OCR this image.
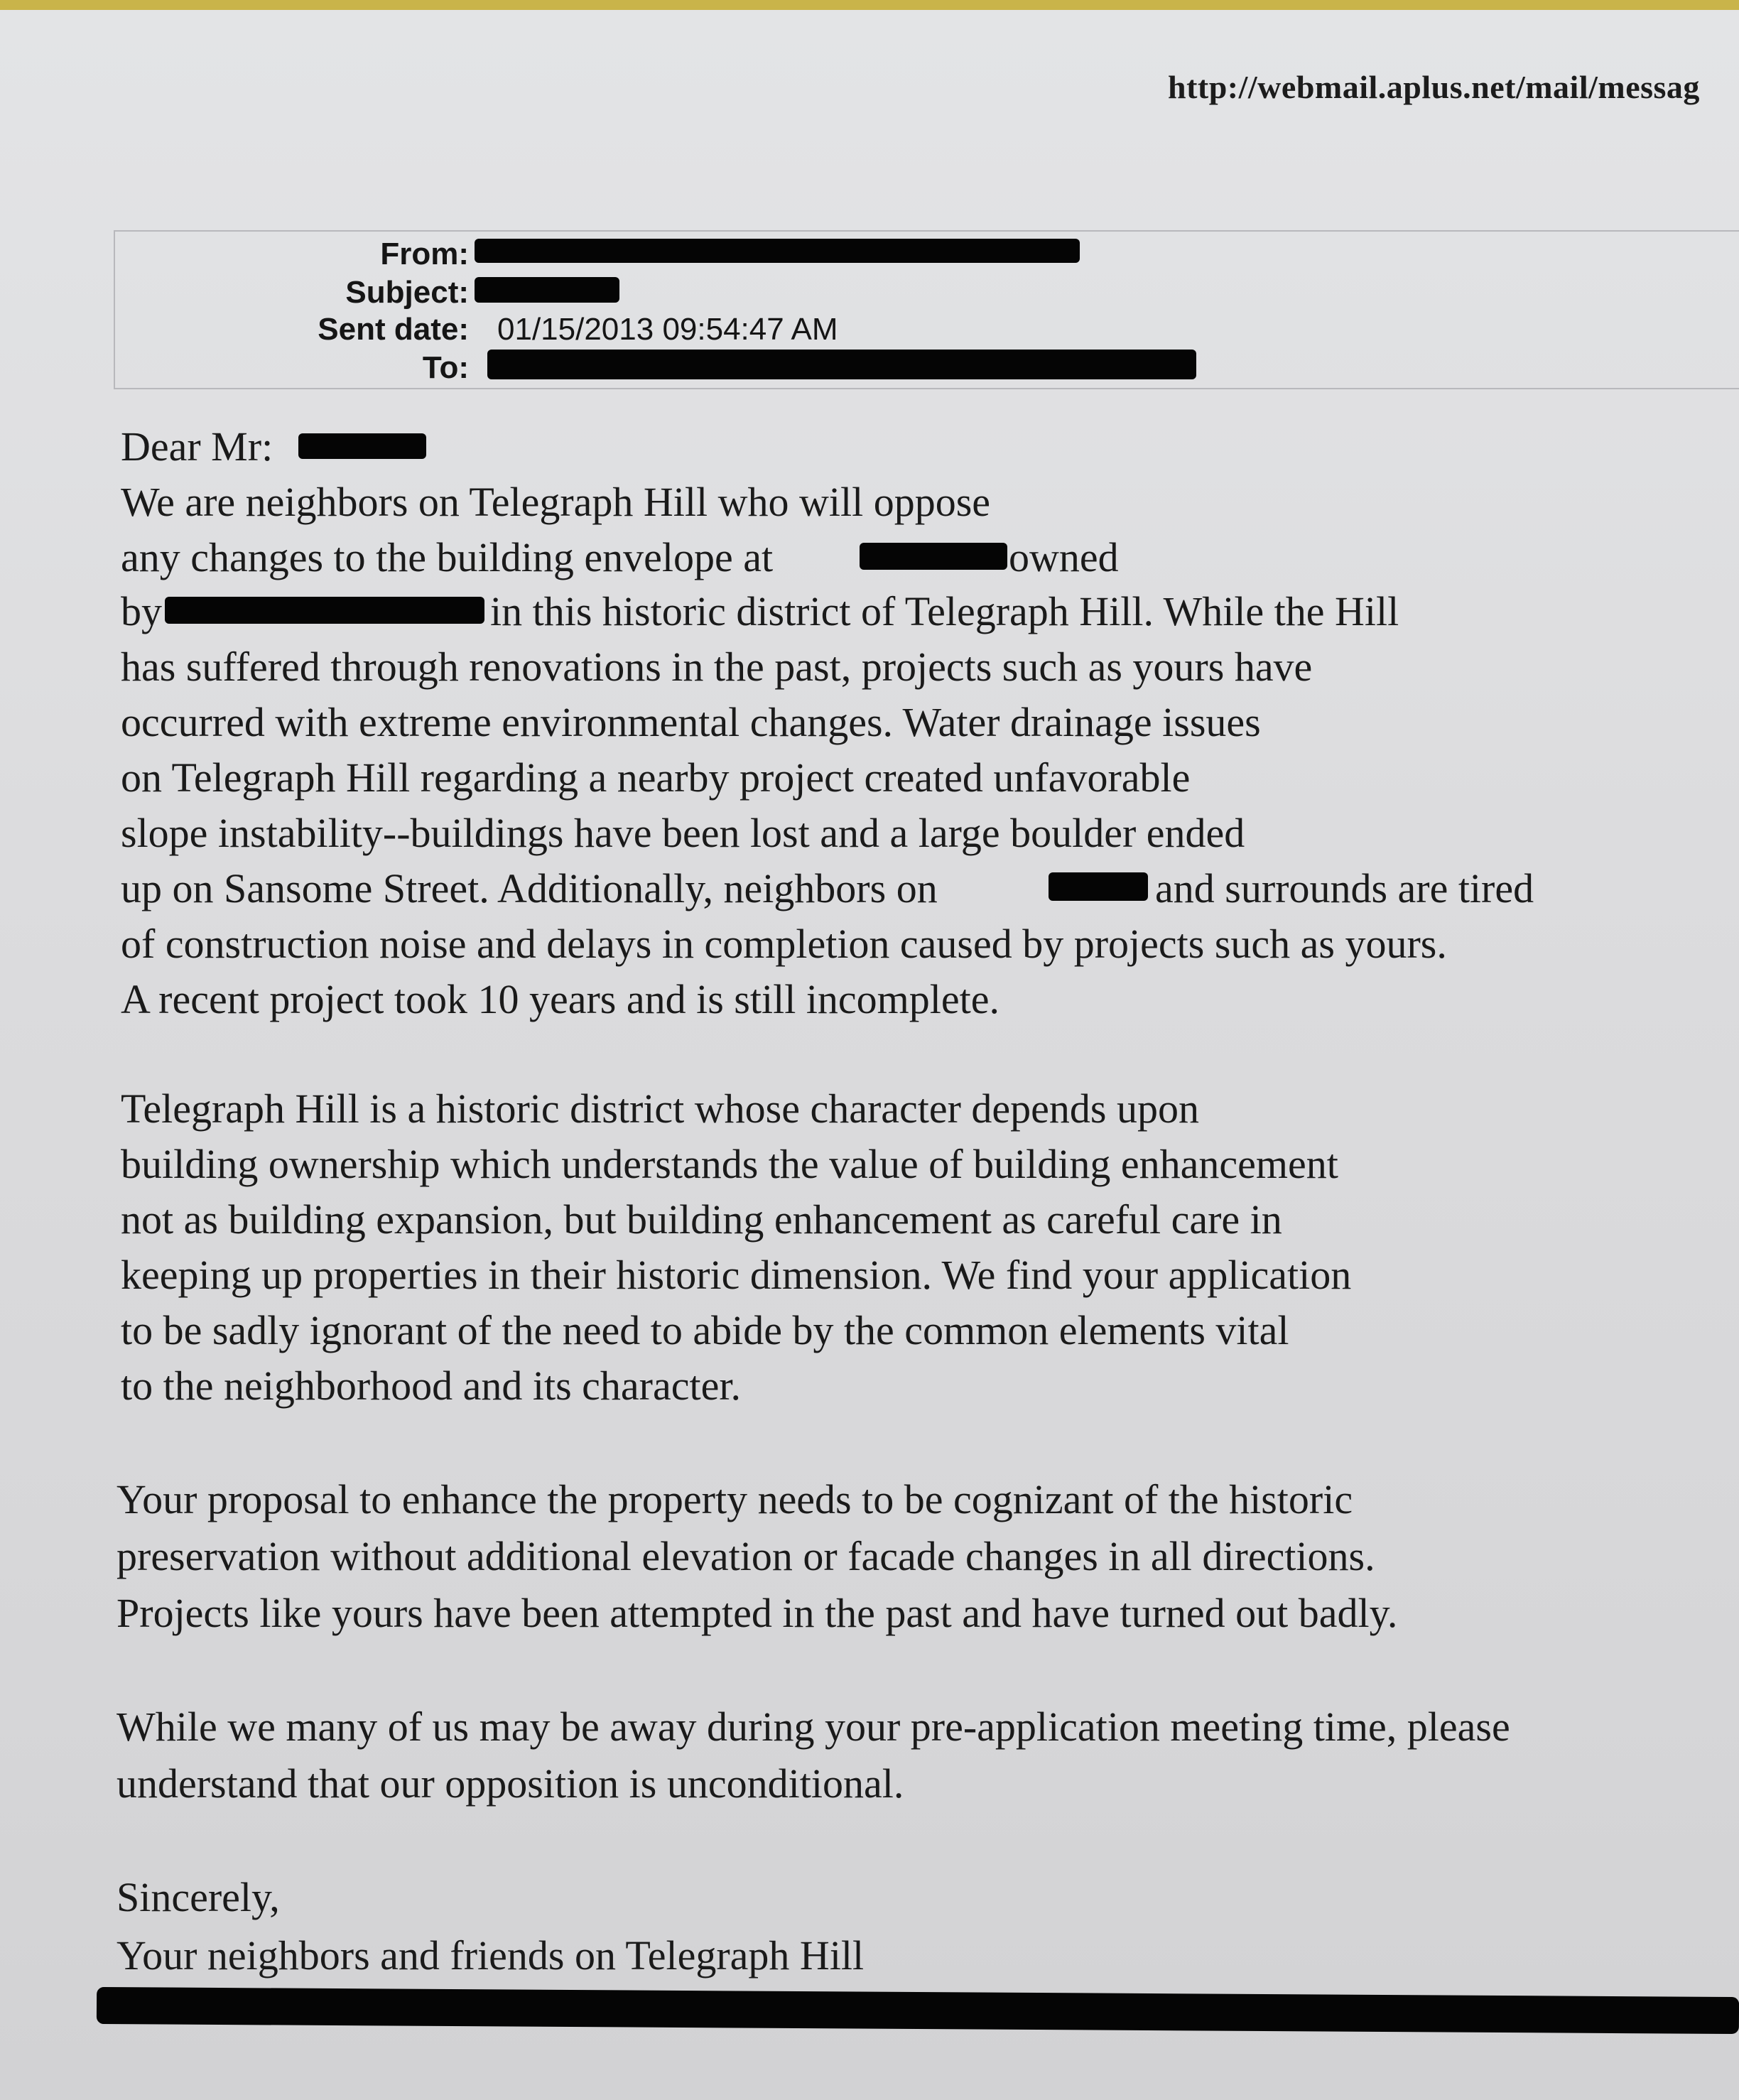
http://webmail.aplus.net/mail/messag
From:
Subject:
Sent date: 01/15/2013 09:54:47 AM
To:
Dear Mr:
We are neighbors on Telegraph Hill who will oppose
any changes to the building envelope at	owned
by	in this historic district of Telegraph Hill. While the Hill
has suffered through renovations in the past, projects such as yours have
occurred with extreme environmental changes. Water drainage issues
on Telegraph Hill regarding a nearby project created unfavorable
slope instability--buildings have been lost and a large boulder ended
up on Sansome Street. Additionally, neighbors on	and surrounds are tired
of construction noise and delays in completion caused by projects such as yours.
A recent project took 10 years and is still incomplete.
Telegraph Hill is a historic district whose character depends upon
building ownership which understands the value of building enhancement
not as building expansion, but building enhancement as careful care in
keeping up properties in their historic dimension. We find your application
to be sadly ignorant of the need to abide by the common elements vital
to the neighborhood and its character.
Your proposal to enhance the property needs to be cognizant of the historic
preservation without additional elevation or facade changes in all directions.
Projects like yours have been attempted in the past and have turned out badly.
While we many of us may be away during your pre-application meeting time, please
understand that our opposition is unconditional.
Sincerely,
Your neighbors and friends on Telegraph Hill
